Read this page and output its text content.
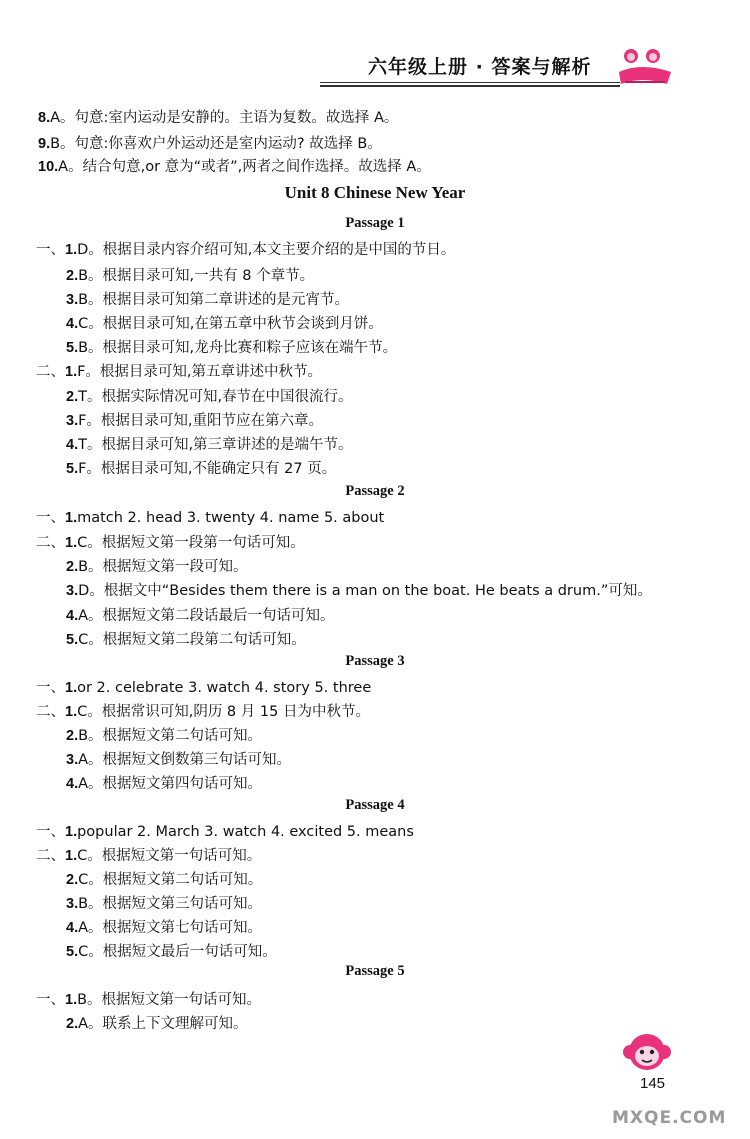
六年级上册 · 答案与解析
8.A。句意:室内运动是安静的。主语为复数。故选择 A。
9.B。句意:你喜欢户外运动还是室内运动? 故选择 B。
10.A。结合句意,or 意为“或者”,两者之间作选择。故选择 A。
Unit 8 Chinese New Year
Passage 1
一、1.D。根据目录内容介绍可知,本文主要介绍的是中国的节日。
2.B。根据目录可知,一共有 8 个章节。
3.B。根据目录可知第二章讲述的是元宵节。
4.C。根据目录可知,在第五章中秋节会谈到月饼。
5.B。根据目录可知,龙舟比赛和粽子应该在端午节。
二、1.F。根据目录可知,第五章讲述中秋节。
2.T。根据实际情况可知,春节在中国很流行。
3.F。根据目录可知,重阳节应在第六章。
4.T。根据目录可知,第三章讲述的是端午节。
5.F。根据目录可知,不能确定只有 27 页。
Passage 2
一、1.match 2. head 3. twenty 4. name 5. about
二、1.C。根据短文第一段第一句话可知。
2.B。根据短文第一段可知。
3.D。根据文中“Besides them there is a man on the boat. He beats a drum.”可知。
4.A。根据短文第二段话最后一句话可知。
5.C。根据短文第二段第二句话可知。
Passage 3
一、1.or 2. celebrate 3. watch 4. story 5. three
二、1.C。根据常识可知,阴历 8 月 15 日为中秋节。
2.B。根据短文第二句话可知。
3.A。根据短文倒数第三句话可知。
4.A。根据短文第四句话可知。
Passage 4
一、1.popular 2. March 3. watch 4. excited 5. means
二、1.C。根据短文第一句话可知。
2.C。根据短文第二句话可知。
3.B。根据短文第三句话可知。
4.A。根据短文第七句话可知。
5.C。根据短文最后一句话可知。
Passage 5
一、1.B。根据短文第一句话可知。
2.A。联系上下文理解可知。
145
MXQE.COM
